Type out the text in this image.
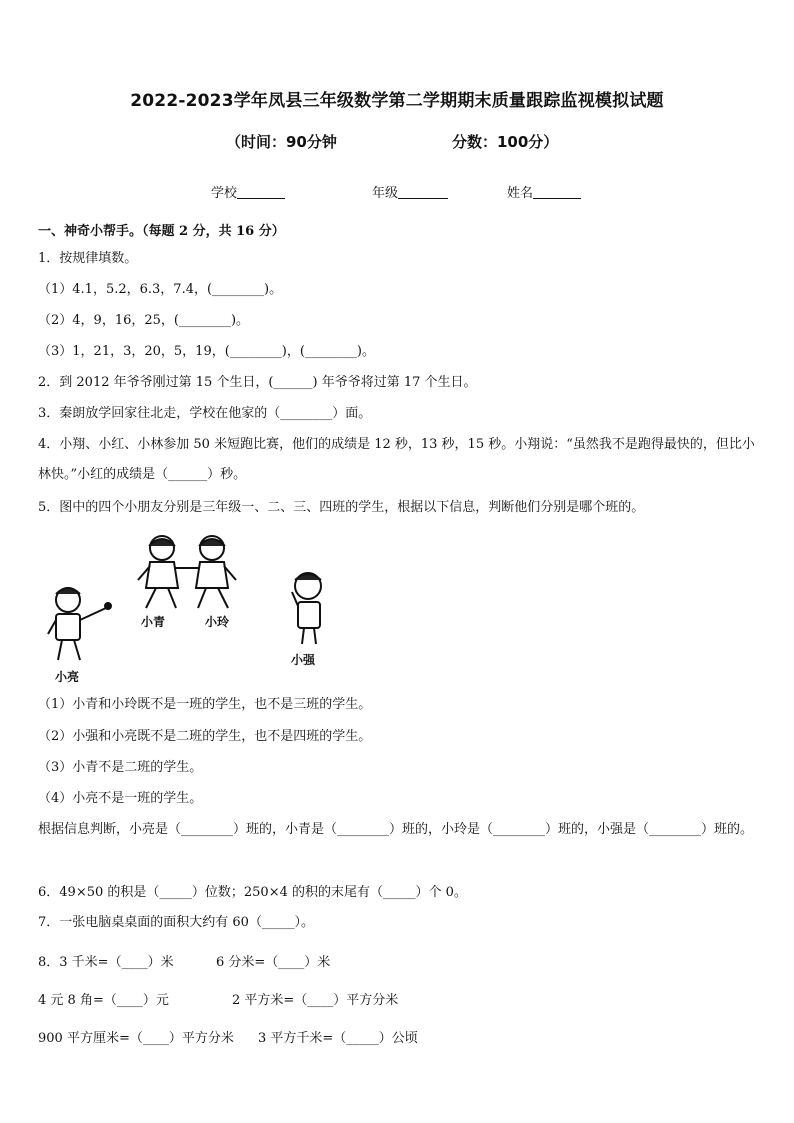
2022-2023学年凤县三年级数学第二学期期末质量跟踪监视模拟试题
（时间：90分钟	分数：100分）
学校	年级	姓名
一、神奇小帮手。（每题 2 分，共 16 分）
1．按规律填数。
（1）4.1，5.2，6.3，7.4，(________)。
（2）4，9，16，25，(________)。
（3）1，21，3，20，5，19，(________)，(________)。
2．到 2012 年爷爷刚过第 15 个生日，(______) 年爷爷将过第 17 个生日。
3．秦朗放学回家往北走，学校在他家的（________）面。
4．小翔、小红、小林参加 50 米短跑比赛，他们的成绩是 12 秒，13 秒，15 秒。小翔说：“虽然我不是跑得最快的，但比小林快。”小红的成绩是（______）秒。
5．图中的四个小朋友分别是三年级一、二、三、四班的学生，根据以下信息，判断他们分别是哪个班的。
小青	小玲
小强
小亮
（1）小青和小玲既不是一班的学生，也不是三班的学生。
（2）小强和小亮既不是二班的学生，也不是四班的学生。
（3）小青不是二班的学生。
（4）小亮不是一班的学生。
根据信息判断，小亮是（________）班的，小青是（________）班的，小玲是（________）班的，小强是（________）班的。
6．49×50 的积是（_____）位数；250×4 的积的末尾有（_____）个 0。
7．一张电脑桌桌面的面积大约有 60（_____）。
8．3 千米=（____）米	6 分米=（____）米
4 元 8 角=（____）元	2 平方米=（____）平方分米
900 平方厘米=（____）平方分米 3 平方千米=（_____）公顷
